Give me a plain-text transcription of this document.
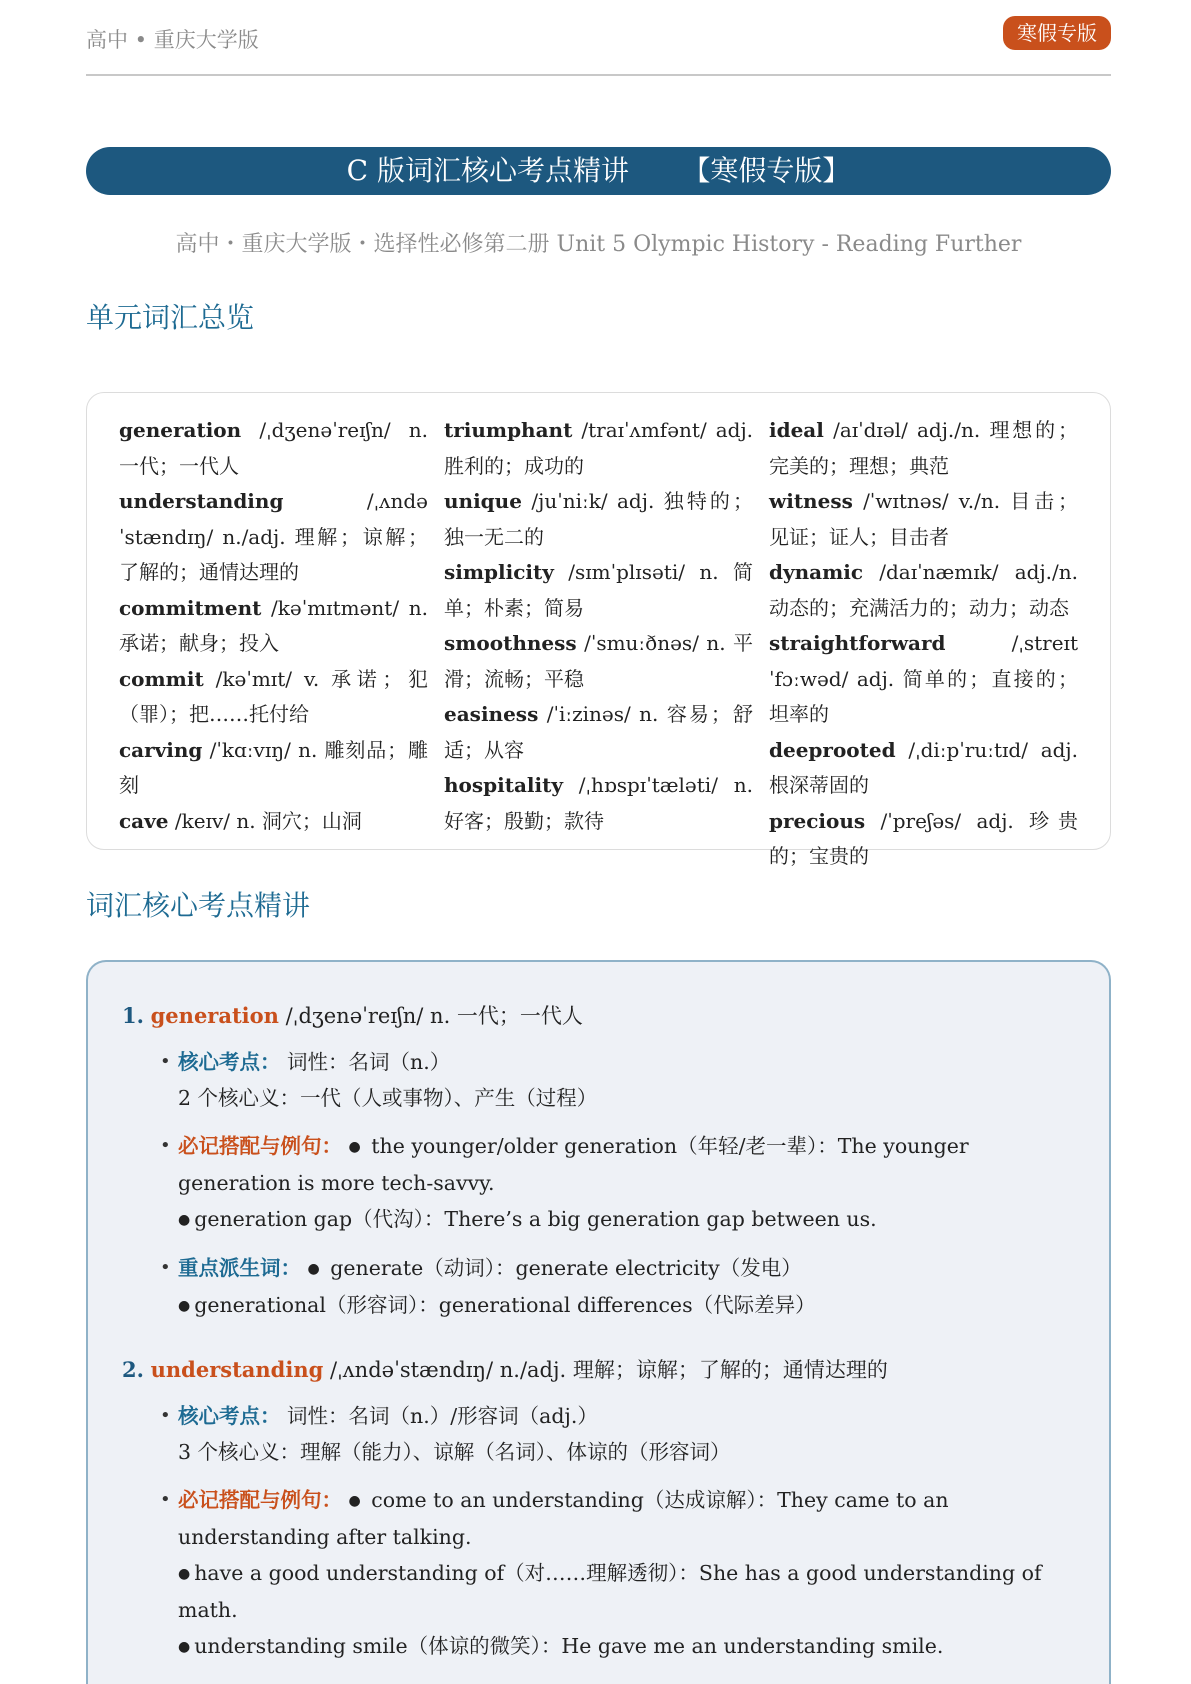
高中 • 重庆大学版	寒假专版
C 版词汇核心考点精讲 【寒假专版】
高中・重庆大学版・选择性必修第二册 Unit 5 Olympic History - Reading Further
单元词汇总览
generation /ˌdʒenəˈreɪʃn/ n. 一代；一代人
understanding /ˌʌndəˈstændɪŋ/ n./adj. 理解；谅解；了解的；通情达理的
commitment /kəˈmɪtmənt/ n. 承诺；献身；投入
commit /kəˈmɪt/ v. 承诺；犯（罪）；把……托付给
carving /ˈkɑːvɪŋ/ n. 雕刻品；雕刻
cave /keɪv/ n. 洞穴；山洞
triumphant /traɪˈʌmfənt/ adj. 胜利的；成功的
unique /juˈniːk/ adj. 独特的；独一无二的
simplicity /sɪmˈplɪsəti/ n. 简单；朴素；简易
smoothness /ˈsmuːðnəs/ n. 平滑；流畅；平稳
easiness /ˈiːzinəs/ n. 容易；舒适；从容
hospitality /ˌhɒspɪˈtæləti/ n. 好客；殷勤；款待
ideal /aɪˈdɪəl/ adj./n. 理想的；完美的；理想；典范
witness /ˈwɪtnəs/ v./n. 目击；见证；证人；目击者
dynamic /daɪˈnæmɪk/ adj./n. 动态的；充满活力的；动力；动态
straightforward /ˌstreɪtˈfɔːwəd/ adj. 简单的；直接的；坦率的
deeprooted /ˌdiːpˈruːtɪd/ adj. 根深蒂固的
precious /ˈpreʃəs/ adj. 珍贵的；宝贵的
词汇核心考点精讲
1. generation /ˌdʒenəˈreɪʃn/ n. 一代；一代人
• 核心考点： 词性：名词（n.）
2 个核心义：一代（人或事物）、产生（过程）
• 必记搭配与例句： ● the younger/older generation（年轻/老一辈）：The younger generation is more tech-savvy.
● generation gap（代沟）：There’s a big generation gap between us.
• 重点派生词： ● generate（动词）：generate electricity（发电）
● generational（形容词）：generational differences（代际差异）
2. understanding /ˌʌndəˈstændɪŋ/ n./adj. 理解；谅解；了解的；通情达理的
• 核心考点： 词性：名词（n.）/形容词（adj.）
3 个核心义：理解（能力）、谅解（名词）、体谅的（形容词）
• 必记搭配与例句： ● come to an understanding（达成谅解）：They came to an understanding after talking.
● have a good understanding of（对……理解透彻）：She has a good understanding of math.
● understanding smile（体谅的微笑）：He gave me an understanding smile.
